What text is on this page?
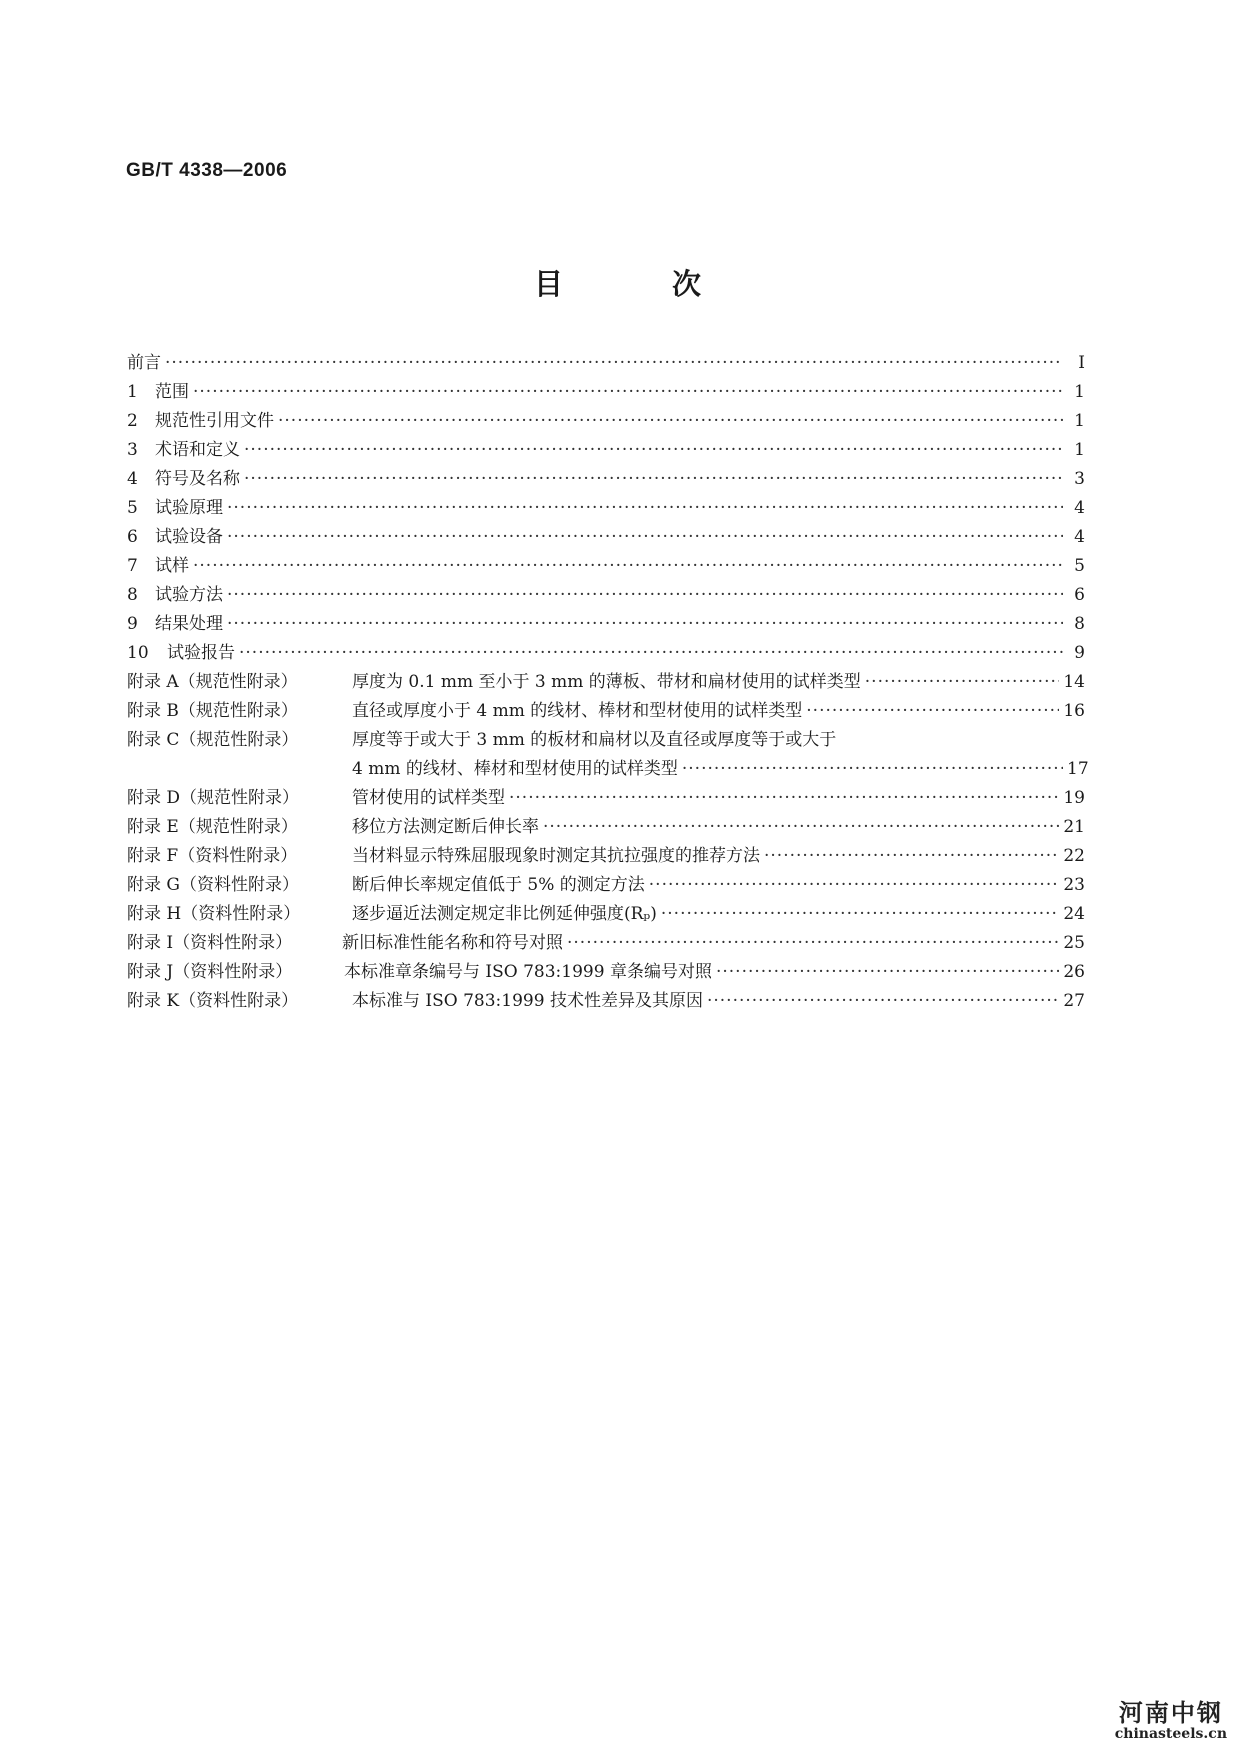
GB/T 4338—2006
目　次
前言 ·····	I
1	范围 ·····	1
2	规范性引用文件 ·····	1
3	术语和定义 ·····	1
4	符号及名称 ·····	3
5	试验原理 ·····	4
6	试验设备 ·····	4
7	试样 ·····	5
8	试验方法 ·····	6
9	结果处理 ·····	8
10	试验报告 ·····	9
附录 A（规范性附录）	厚度为 0.1 mm 至小于 3 mm 的薄板、带材和扁材使用的试样类型 ·····	14
附录 B（规范性附录）	直径或厚度小于 4 mm 的线材、棒材和型材使用的试样类型 ·····	16
附录 C（规范性附录）	厚度等于或大于 3 mm 的板材和扁材以及直径或厚度等于或大于
4 mm 的线材、棒材和型材使用的试样类型 ·····	17
附录 D（规范性附录）	管材使用的试样类型 ·····	19
附录 E（规范性附录）	移位方法测定断后伸长率 ·····	21
附录 F（资料性附录）	当材料显示特殊屈服现象时测定其抗拉强度的推荐方法 ·····	22
附录 G（资料性附录）	断后伸长率规定值低于 5% 的测定方法 ·····	23
附录 H（资料性附录）	逐步逼近法测定规定非比例延伸强度(Rₚ) ·····	24
附录 I（资料性附录）	新旧标准性能名称和符号对照 ·····	25
附录 J（资料性附录）	本标准章条编号与 ISO 783:1999 章条编号对照 ·····	26
附录 K（资料性附录）	本标准与 ISO 783:1999 技术性差异及其原因 ·····	27
河南中钢
chinasteels.cn
